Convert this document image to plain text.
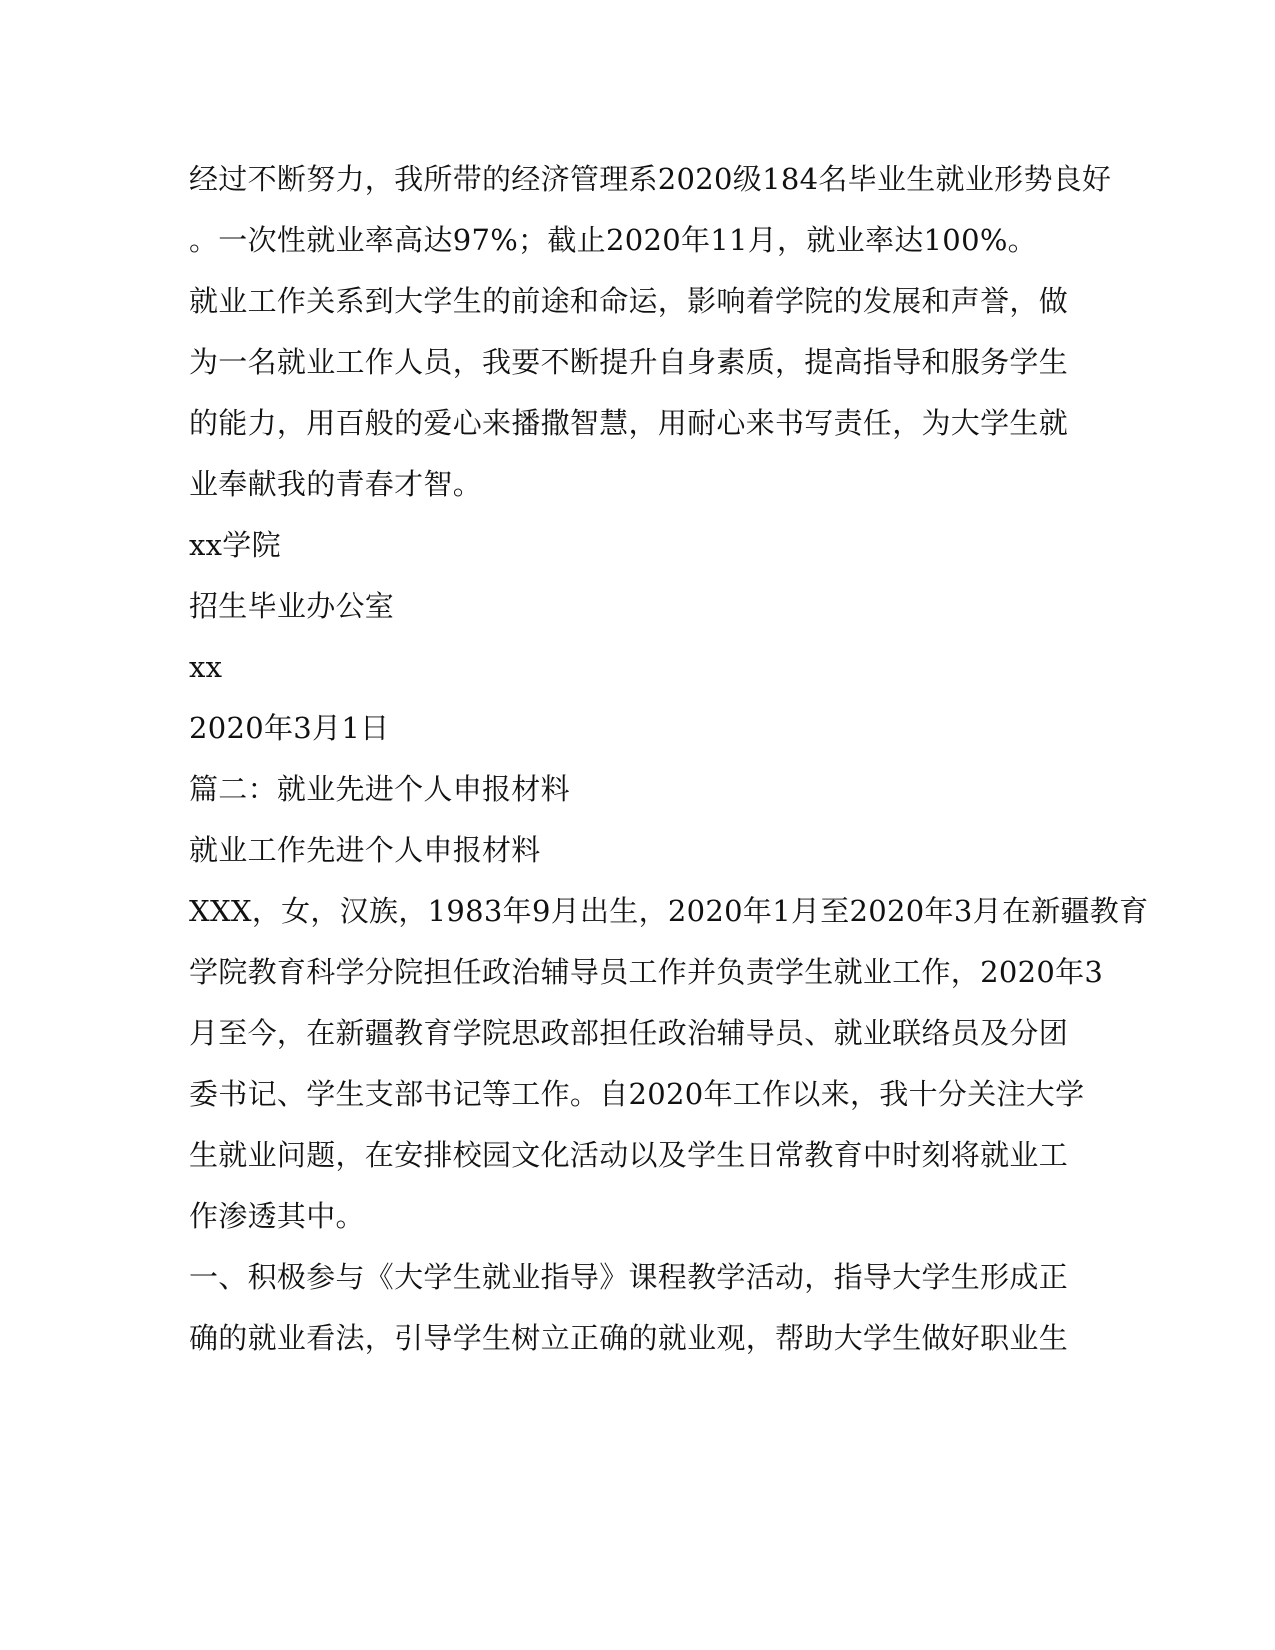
经过不断努力，我所带的经济管理系2020级184名毕业生就业形势良好
。一次性就业率高达97%；截止2020年11月，就业率达100%。
就业工作关系到大学生的前途和命运，影响着学院的发展和声誉，做
为一名就业工作人员，我要不断提升自身素质，提高指导和服务学生
的能力，用百般的爱心来播撒智慧，用耐心来书写责任，为大学生就
业奉献我的青春才智。
xx学院
招生毕业办公室
xx
2020年3月1日
篇二：就业先进个人申报材料
就业工作先进个人申报材料
XXX，女，汉族，1983年9月出生，2020年1月至2020年3月在新疆教育
学院教育科学分院担任政治辅导员工作并负责学生就业工作，2020年3
月至今，在新疆教育学院思政部担任政治辅导员、就业联络员及分团
委书记、学生支部书记等工作。自2020年工作以来，我十分关注大学
生就业问题，在安排校园文化活动以及学生日常教育中时刻将就业工
作渗透其中。
一、积极参与《大学生就业指导》课程教学活动，指导大学生形成正
确的就业看法，引导学生树立正确的就业观，帮助大学生做好职业生
